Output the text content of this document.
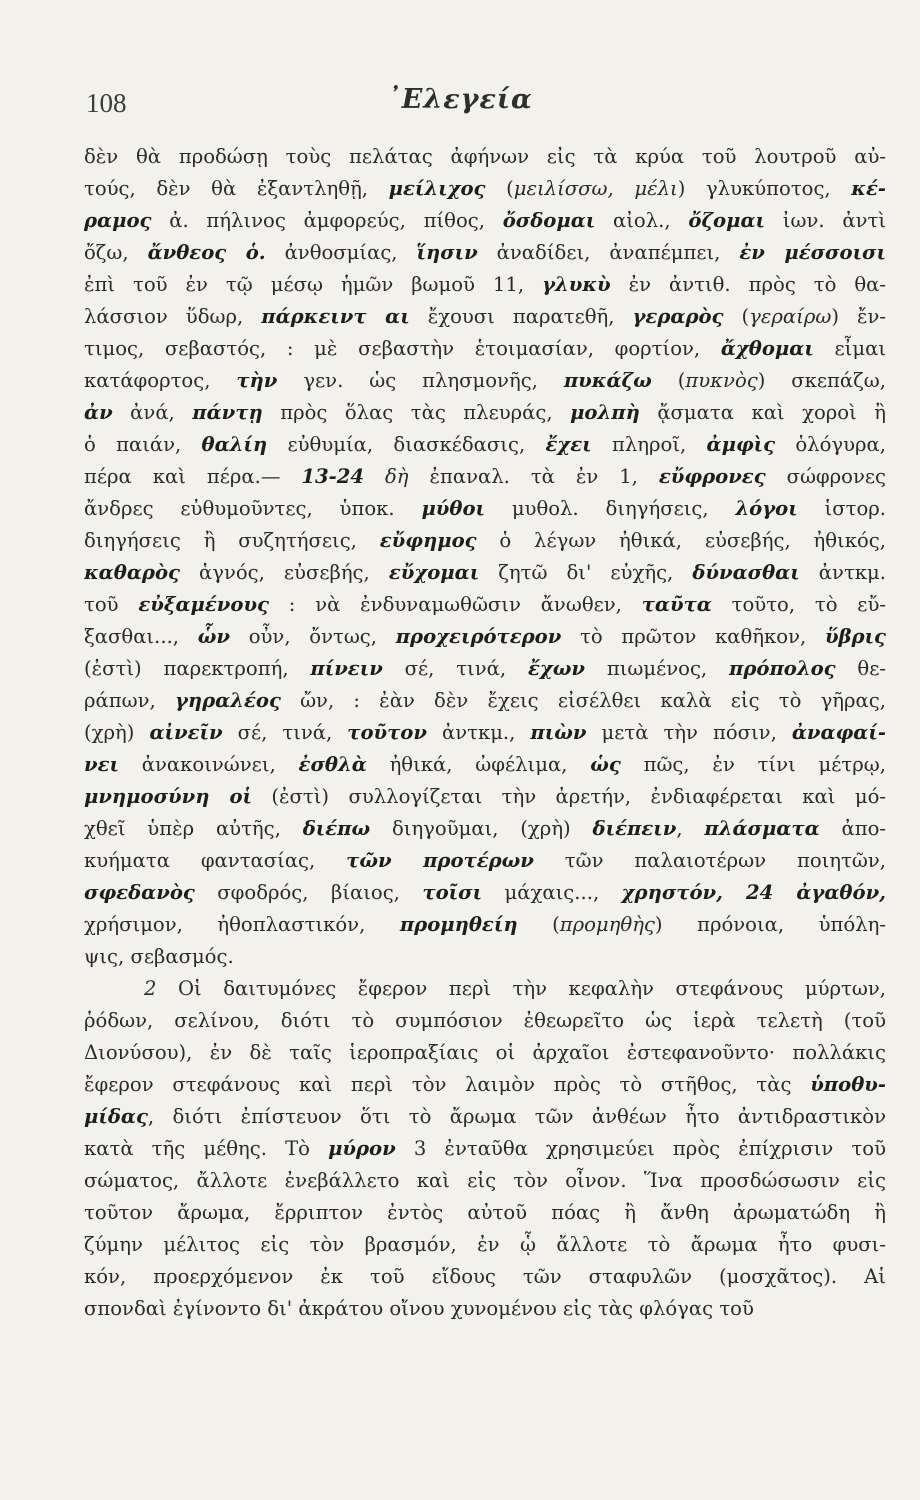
108	᾿Ελεγεία
δὲν θὰ προδώσῃ τοὺς πελάτας ἀφήνων εἰς τὰ κρύα τοῦ λουτροῦ αὐ-
τούς, δὲν θὰ ἐξαντληθῇ, μείλιχος (μειλίσσω, μέλι) γλυκύποτος, κέ-
ραμος ἀ. πήλινος ἀμφορεύς, πίθος, ὄσδομαι αἰολ., ὄζομαι ἰων. ἀντὶ
ὄζω, ἄνθεος ὁ. ἀνθοσμίας, ἵησιν ἀναδίδει, ἀναπέμπει, ἐν μέσσοισι
ἐπὶ τοῦ ἐν τῷ μέσῳ ἡμῶν βωμοῦ 11, γλυκὺ ἐν ἀντιθ. πρὸς τὸ θα-
λάσσιον ὕδωρ, πάρκειντ αι ἔχουσι παρατεθῆ, γεραρὸς (γεραίρω) ἔν-
τιμος, σεβαστός, : μὲ σεβαστὴν ἑτοιμασίαν, φορτίον, ἄχθομαι εἶμαι
κατάφορτος, τὴν γεν. ὡς πλησμονῆς, πυκάζω (πυκνὸς) σκεπάζω,
ἀν ἀνά, πάντῃ πρὸς ὅλας τὰς πλευράς, μολπὴ ᾄσματα καὶ χοροὶ ἢ
ὁ παιάν, θαλίη εὐθυμία, διασκέδασις, ἔχει πληροῖ, ἀμφὶς ὁλόγυρα,
πέρα καὶ πέρα.— 13-24 δὴ ἐπαναλ. τὰ ἐν 1, εὔφρονες σώφρονες
ἄνδρες εὐθυμοῦντες, ὑποκ. μύθοι μυθολ. διηγήσεις, λόγοι ἱστορ.
διηγήσεις ἢ συζητήσεις, εὔφημος ὁ λέγων ἠθικά, εὐσεβής, ἠθικός,
καθαρὸς ἁγνός, εὐσεβής, εὔχομαι ζητῶ δι' εὐχῆς, δύνασθαι ἀντκμ.
τοῦ εὐξαμένους : νὰ ἐνδυναμωθῶσιν ἄνωθεν, ταῦτα τοῦτο, τὸ εὔ-
ξασθαι..., ὧν οὖν, ὄντως, προχειρότερον τὸ πρῶτον καθῆκον, ὕβρις
(ἐστὶ) παρεκτροπή, πίνειν σέ, τινά, ἔχων πιωμένος, πρόπολος θε-
ράπων, γηραλέος ὤν, : ἐὰν δὲν ἔχεις εἰσέλθει καλὰ εἰς τὸ γῆρας,
(χρὴ) αἰνεῖν σέ, τινά, τοῦτον ἀντκμ., πιὼν μετὰ τὴν πόσιν, ἀναφαί-
νει ἀνακοινώνει, ἐσθλὰ ἠθικά, ὠφέλιμα, ὡς πῶς, ἐν τίνι μέτρῳ,
μνημοσύνη οἱ (ἐστὶ) συλλογίζεται τὴν ἀρετήν, ἐνδιαφέρεται καὶ μό-
χθεῖ ὑπὲρ αὐτῆς, διέπω διηγοῦμαι, (χρὴ) διέπειν, πλάσματα ἀπο-
κυήματα φαντασίας, τῶν προτέρων τῶν παλαιοτέρων ποιητῶν,
σφεδανὸς σφοδρός, βίαιος, τοῖσι μάχαις..., χρηστόν, 24 ἀγαθόν,
χρήσιμον, ἠθοπλαστικόν, προμηθείη (προμηθὴς) πρόνοια, ὑπόλη-
ψις, σεβασμός.
2 Οἱ δαιτυμόνες ἔφερον περὶ τὴν κεφαλὴν στεφάνους μύρτων,
ῥόδων, σελίνου, διότι τὸ συμπόσιον ἐθεωρεῖτο ὡς ἱερὰ τελετὴ (τοῦ
Διονύσου), ἐν δὲ ταῖς ἱεροπραξίαις οἱ ἀρχαῖοι ἐστεφανοῦντο· πολλάκις
ἔφερον στεφάνους καὶ περὶ τὸν λαιμὸν πρὸς τὸ στῆθος, τὰς ὑποθυ-
μίδας, διότι ἐπίστευον ὅτι τὸ ἄρωμα τῶν ἀνθέων ἦτο ἀντιδραστικὸν
κατὰ τῆς μέθης. Τὸ μύρον 3 ἐνταῦθα χρησιμεύει πρὸς ἐπίχρισιν τοῦ
σώματος, ἄλλοτε ἐνεβάλλετο καὶ εἰς τὸν οἶνον. Ἵνα προσδώσωσιν εἰς
τοῦτον ἄρωμα, ἔρριπτον ἐντὸς αὐτοῦ πόας ἢ ἄνθη ἀρωματώδη ἢ
ζύμην μέλιτος εἰς τὸν βρασμόν, ἐν ᾧ ἄλλοτε τὸ ἄρωμα ἦτο φυσι-
κόν, προερχόμενον ἐκ τοῦ εἴδους τῶν σταφυλῶν (μοσχᾶτος). Αἱ
σπονδαὶ ἐγίνοντο δι' ἀκράτου οἴνου χυνομένου εἰς τὰς φλόγας τοῦ
